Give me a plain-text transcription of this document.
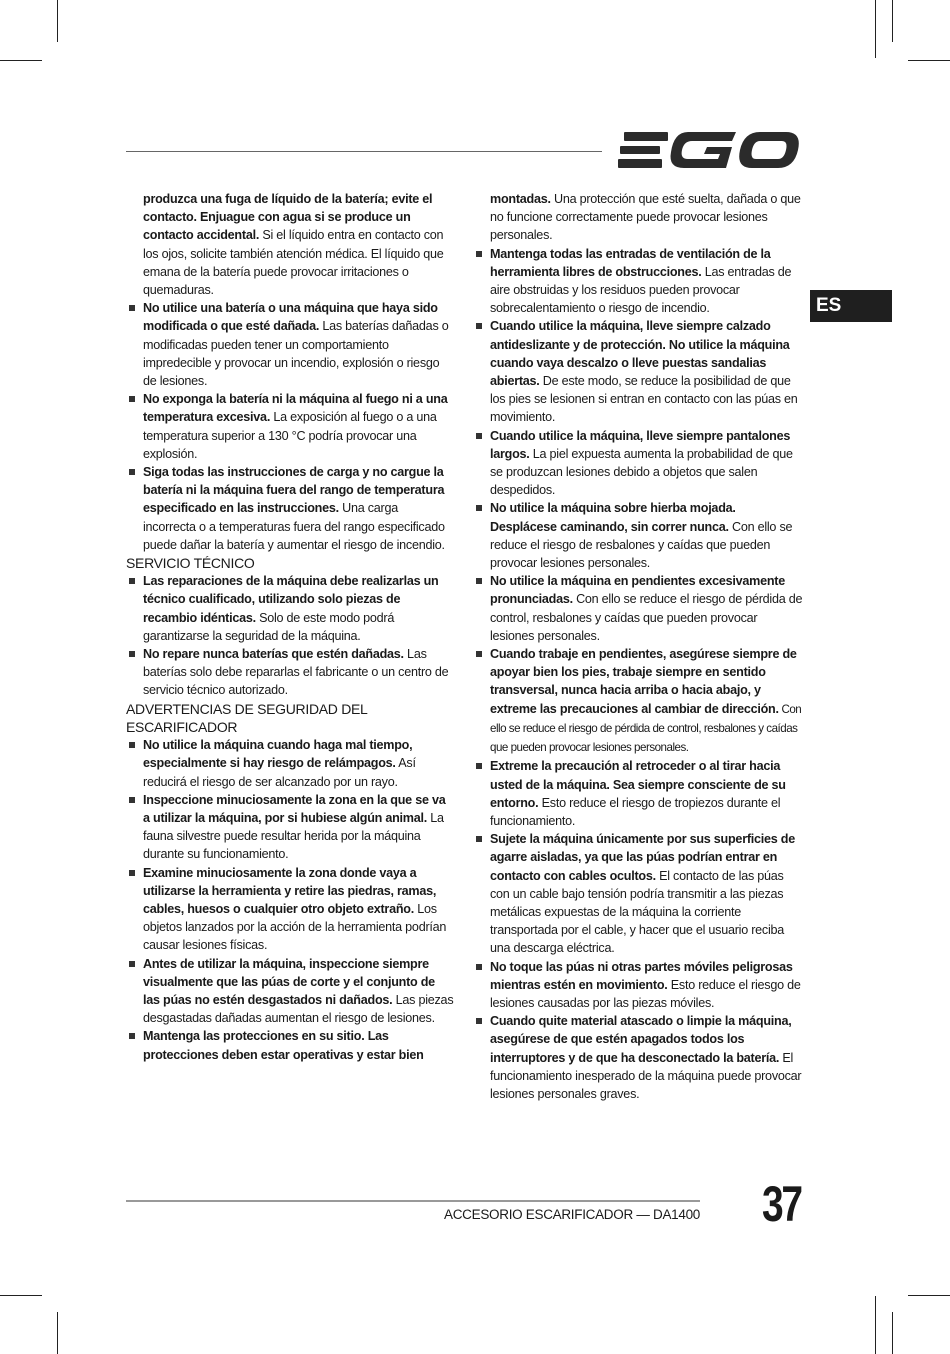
ES

produzca una fuga de líquido de la batería; evite el contacto. Enjuague con agua si se produce un contacto accidental. Si el líquido entra en contacto con los ojos, solicite también atención médica. El líquido que emana de la batería puede provocar irritaciones o quemaduras.

No utilice una batería o una máquina que haya sido modificada o que esté dañada. Las baterías dañadas o modificadas pueden tener un comportamiento impredecible y provocar un incendio, explosión o riesgo de lesiones.

No exponga la batería ni la máquina al fuego ni a una temperatura excesiva. La exposición al fuego o a una temperatura superior a 130 °C podría provocar una explosión.

Siga todas las instrucciones de carga y no cargue la batería ni la máquina fuera del rango de temperatura especificado en las instrucciones. Una carga incorrecta o a temperaturas fuera del rango especificado puede dañar la batería y aumentar el riesgo de incendio.

SERVICIO TÉCNICO

Las reparaciones de la máquina debe realizarlas un técnico cualificado, utilizando solo piezas de recambio idénticas. Solo de este modo podrá garantizarse la seguridad de la máquina.

No repare nunca baterías que estén dañadas. Las baterías solo debe repararlas el fabricante o un centro de servicio técnico autorizado.

ADVERTENCIAS DE SEGURIDAD DEL ESCARIFICADOR

No utilice la máquina cuando haga mal tiempo, especialmente si hay riesgo de relámpagos. Así reducirá el riesgo de ser alcanzado por un rayo.

Inspeccione minuciosamente la zona en la que se va a utilizar la máquina, por si hubiese algún animal. La fauna silvestre puede resultar herida por la máquina durante su funcionamiento.

Examine minuciosamente la zona donde vaya a utilizarse la herramienta y retire las piedras, ramas, cables, huesos o cualquier otro objeto extraño. Los objetos lanzados por la acción de la herramienta podrían causar lesiones físicas.

Antes de utilizar la máquina, inspeccione siempre visualmente que las púas de corte y el conjunto de las púas no estén desgastados ni dañados. Las piezas desgastadas dañadas aumentan el riesgo de lesiones.

Mantenga las protecciones en su sitio. Las protecciones deben estar operativas y estar bien

montadas. Una protección que esté suelta, dañada o que no funcione correctamente puede provocar lesiones personales.

Mantenga todas las entradas de ventilación de la herramienta libres de obstrucciones. Las entradas de aire obstruidas y los residuos pueden provocar sobrecalentamiento o riesgo de incendio.

Cuando utilice la máquina, lleve siempre calzado antideslizante y de protección. No utilice la máquina cuando vaya descalzo o lleve puestas sandalias abiertas. De este modo, se reduce la posibilidad de que los pies se lesionen si entran en contacto con las púas en movimiento.

Cuando utilice la máquina, lleve siempre pantalones largos. La piel expuesta aumenta la probabilidad de que se produzcan lesiones debido a objetos que salen despedidos.

No utilice la máquina sobre hierba mojada. Desplácese caminando, sin correr nunca. Con ello se reduce el riesgo de resbalones y caídas que pueden provocar lesiones personales.

No utilice la máquina en pendientes excesivamente pronunciadas. Con ello se reduce el riesgo de pérdida de control, resbalones y caídas que pueden provocar lesiones personales.

Cuando trabaje en pendientes, asegúrese siempre de apoyar bien los pies, trabaje siempre en sentido transversal, nunca hacia arriba o hacia abajo, y extreme las precauciones al cambiar de dirección. Con ello se reduce el riesgo de pérdida de control, resbalones y caídas que pueden provocar lesiones personales.

Extreme la precaución al retroceder o al tirar hacia usted de la máquina. Sea siempre consciente de su entorno. Esto reduce el riesgo de tropiezos durante el funcionamiento.

Sujete la máquina únicamente por sus superficies de agarre aisladas, ya que las púas podrían entrar en contacto con cables ocultos. El contacto de las púas con un cable bajo tensión podría transmitir a las piezas metálicas expuestas de la máquina la corriente transportada por el cable, y hacer que el usuario reciba una descarga eléctrica.

No toque las púas ni otras partes móviles peligrosas mientras estén en movimiento. Esto reduce el riesgo de lesiones causadas por las piezas móviles.

Cuando quite material atascado o limpie la máquina, asegúrese de que estén apagados todos los interruptores y de que ha desconectado la batería. El funcionamiento inesperado de la máquina puede provocar lesiones personales graves.

ACCESORIO ESCARIFICADOR — DA1400 37
